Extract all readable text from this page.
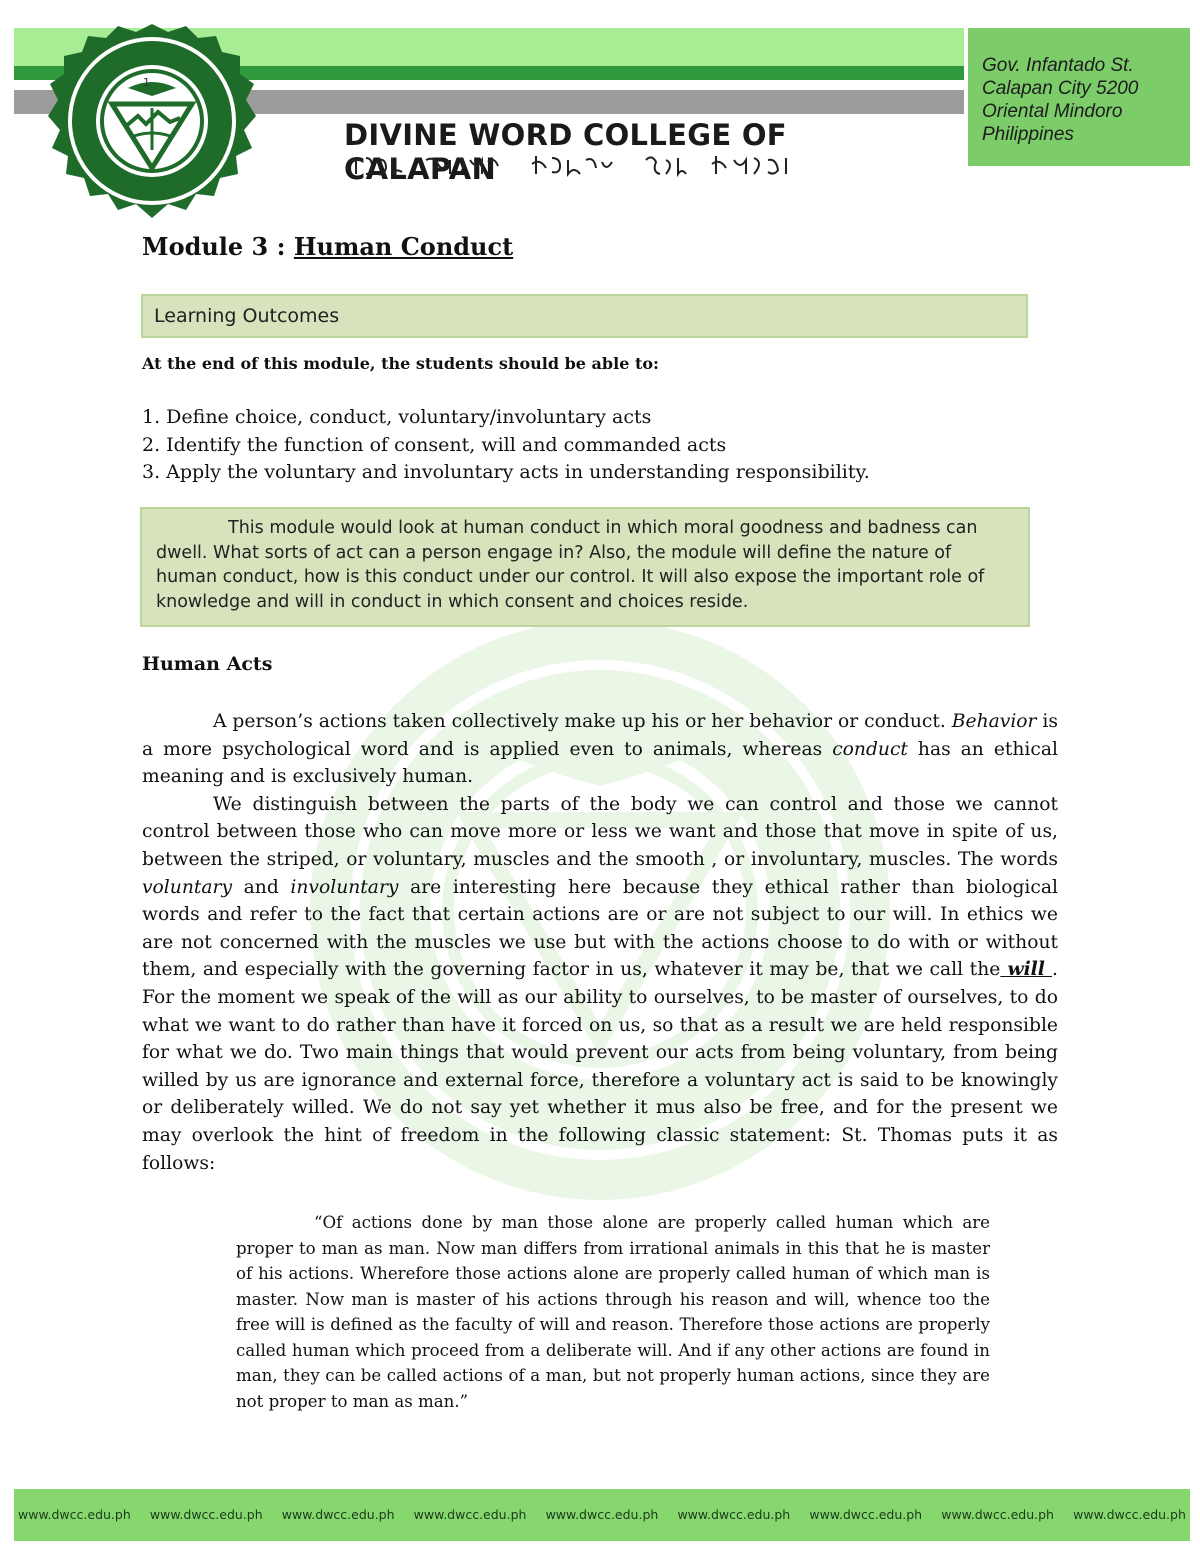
Gov. Infantado St.
Calapan City 5200
Oriental Mindoro
Philippines
1
DIVINE WORD COLLEGE OF CALAPAN
Module 3 : Human Conduct
Learning Outcomes
At the end of this module, the students should be able to:
1. Define choice, conduct, voluntary/involuntary acts
2. Identify the function of consent, will and commanded acts
3. Apply the voluntary and involuntary acts in understanding responsibility.
This module would look at human conduct in which moral goodness and badness can dwell. What sorts of act can a person engage in? Also, the module will define the nature of human conduct, how is this conduct under our control. It will also expose the important role of knowledge and will in conduct in which consent and choices reside.
Human Acts

A person’s actions taken collectively make up his or her behavior or conduct. Behavior is a more psychological word and is applied even to animals, whereas conduct has an ethical meaning and is exclusively human.

We distinguish between the parts of the body we can control and those we cannot control between those who can move more or less we want and those that move in spite of us, between the striped, or voluntary, muscles and the smooth , or involuntary, muscles. The words voluntary and involuntary are interesting here because they ethical rather than biological words and refer to the fact that certain actions are or are not subject to our will. In ethics we are not concerned with the muscles we use but with the actions choose to do with or without them, and especially with the governing factor in us, whatever it may be, that we call the will . For the moment we speak of the will as our ability to ourselves, to be master of ourselves, to do what we want to do rather than have it forced on us, so that as a result we are held responsible for what we do. Two main things that would prevent our acts from being voluntary, from being willed by us are ignorance and external force, therefore a voluntary act is said to be knowingly or deliberately willed. We do not say yet whether it mus also be free, and for the present we may overlook the hint of freedom in the following classic statement: St. Thomas puts it as follows:

“Of actions done by man those alone are properly called human which are proper to man as man. Now man differs from irrational animals in this that he is master of his actions. Wherefore those actions alone are properly called human of which man is master. Now man is master of his actions through his reason and will, whence too the free will is defined as the faculty of will and reason. Therefore those actions are properly called human which proceed from a deliberate will. And if any other actions are found in man, they can be called actions of a man, but not properly human actions, since they are not proper to man as man.”

www.dwcc.edu.ph www.dwcc.edu.ph www.dwcc.edu.ph www.dwcc.edu.ph www.dwcc.edu.ph www.dwcc.edu.ph www.dwcc.edu.ph www.dwcc.edu.ph www.dwcc.edu.ph
